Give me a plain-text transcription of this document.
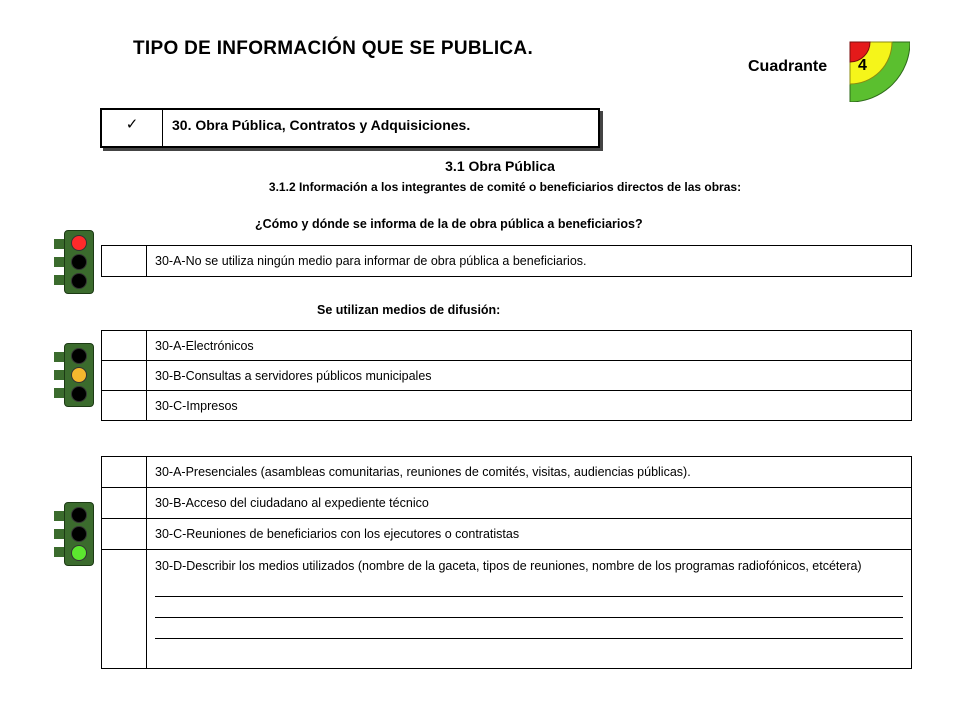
TIPO DE INFORMACIÓN QUE SE PUBLICA.
Cuadrante 4
✓	30. Obra Pública, Contratos y Adquisiciones.
3.1 Obra Pública
3.1.2 Información a los integrantes de comité o beneficiarios directos de las obras:
¿Cómo y dónde se informa de la de obra pública a beneficiarios?
	30-A-No se utiliza ningún medio para informar de obra pública a beneficiarios.
Se utilizan medios de difusión:
	30-A-Electrónicos
	30-B-Consultas a servidores públicos municipales
	30-C-Impresos
	30-A-Presenciales (asambleas comunitarias, reuniones de comités, visitas, audiencias públicas).
	30-B-Acceso del ciudadano al expediente técnico
	30-C-Reuniones de beneficiarios con los ejecutores o contratistas
	30-D-Describir los medios utilizados (nombre de la gaceta, tipos de reuniones, nombre de los programas radiofónicos, etcétera)
